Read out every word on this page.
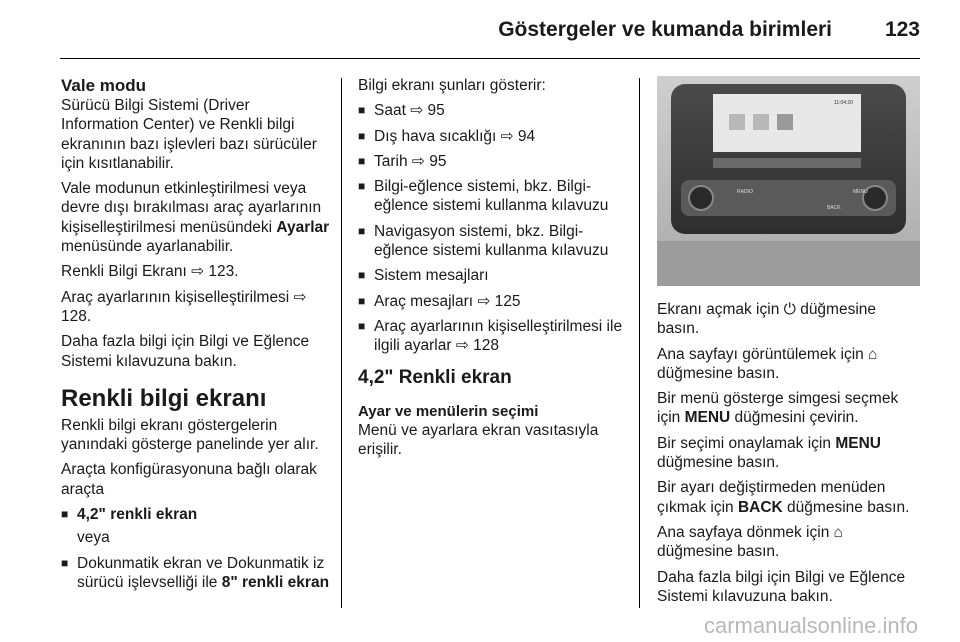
Göstergeler ve kumanda birimleri	123
Vale modu

Sürücü Bilgi Sistemi (Driver Information Center) ve Renkli bilgi ekranının bazı işlevleri bazı sürücüler için kısıtlanabilir.

Vale modunun etkinleştirilmesi veya devre dışı bırakılması araç ayarlarının kişiselleştirilmesi menüsündeki Ayarlar menüsünde ayarlanabilir.

Renkli Bilgi Ekranı ⇨ 123.

Araç ayarlarının kişiselleştirilmesi ⇨ 128.

Daha fazla bilgi için Bilgi ve Eğlence Sistemi kılavuzuna bakın.

Renkli bilgi ekranı

Renkli bilgi ekranı göstergelerin yanındaki gösterge panelinde yer alır.

Araçta konfigürasyonuna bağlı olarak araçta

■ 4,2" renkli ekran
veya
■ Dokunmatik ekran ve Dokunmatik iz sürücü işlevselliği ile 8" renkli ekran

Bilgi ekranı şunları gösterir:

■ Saat ⇨ 95
■ Dış hava sıcaklığı ⇨ 94
■ Tarih ⇨ 95
■ Bilgi-eğlence sistemi, bkz. Bilgi-eğlence sistemi kullanma kılavuzu
■ Navigasyon sistemi, bkz. Bilgi-eğlence sistemi kullanma kılavuzu
■ Sistem mesajları
■ Araç mesajları ⇨ 125
■ Araç ayarlarının kişiselleştirilmesi ile ilgili ayarlar ⇨ 128
4,2" Renkli ekran
Ayar ve menülerin seçimi

Menü ve ayarlara ekran vasıtasıyla erişilir.

11:04:20
RADIO	MENU
BACK

Ekranı açmak için ⏻ düğmesine basın.

Ana sayfayı görüntülemek için ⌂ düğmesine basın.

Bir menü gösterge simgesi seçmek için MENU düğmesini çevirin.

Bir seçimi onaylamak için MENU düğmesine basın.

Bir ayarı değiştirmeden menüden çıkmak için BACK düğmesine basın.

Ana sayfaya dönmek için ⌂ düğmesine basın.

Daha fazla bilgi için Bilgi ve Eğlence Sistemi kılavuzuna bakın.

carmanualsonline.info
